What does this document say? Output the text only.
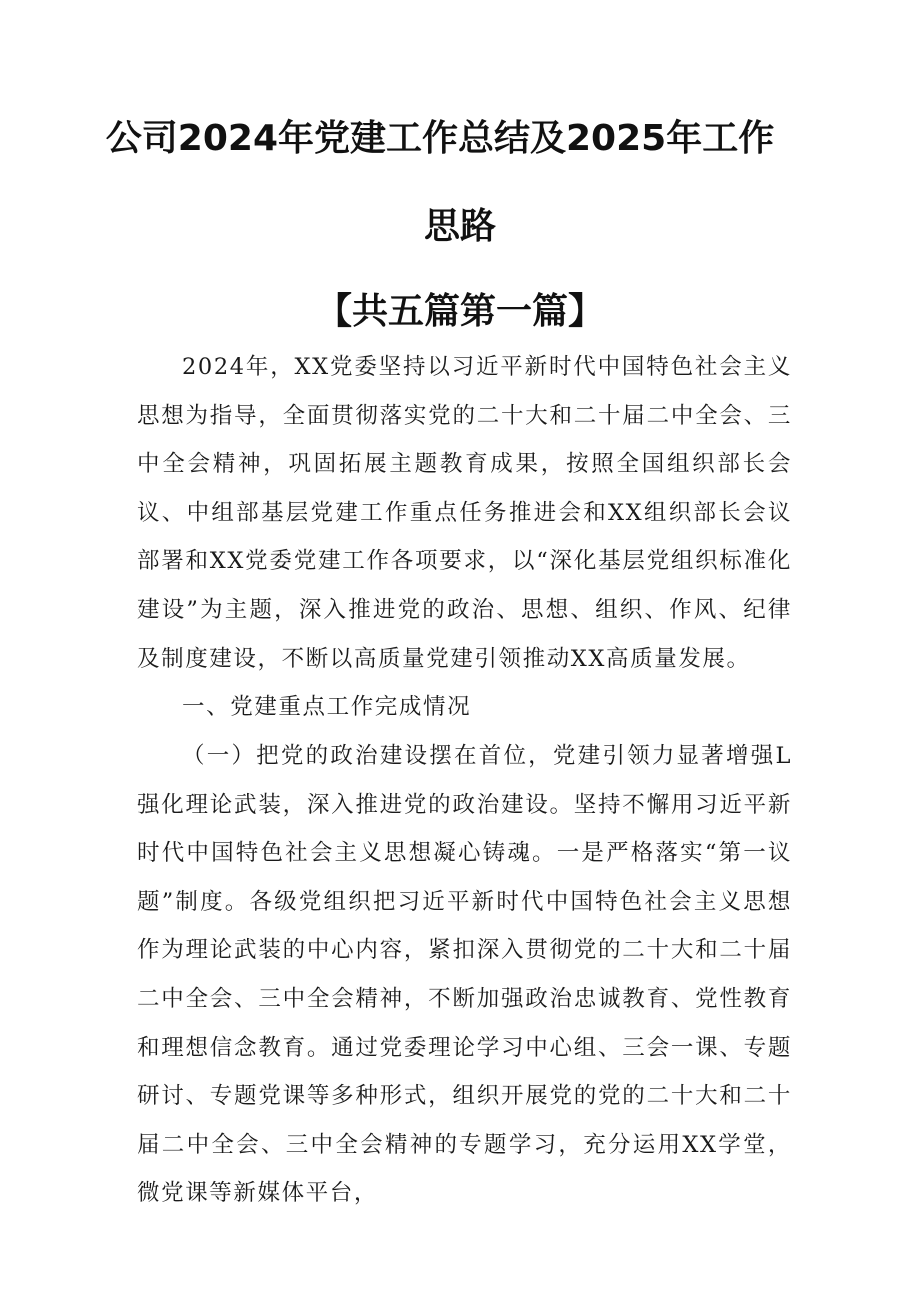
公司2024年党建工作总结及2025年工作
思路
【共五篇第一篇】
2024年，XX党委坚持以习近平新时代中国特色社会主义思想为指导，全面贯彻落实党的二十大和二十届二中全会、三中全会精神，巩固拓展主题教育成果，按照全国组织部长会议、中组部基层党建工作重点任务推进会和XX组织部长会议部署和XX党委党建工作各项要求，以“深化基层党组织标准化建设”为主题，深入推进党的政治、思想、组织、作风、纪律及制度建设，不断以高质量党建引领推动XX高质量发展。
一、党建重点工作完成情况
（一）把党的政治建设摆在首位，党建引领力显著增强L强化理论武装，深入推进党的政治建设。坚持不懈用习近平新时代中国特色社会主义思想凝心铸魂。一是严格落实“第一议题”制度。各级党组织把习近平新时代中国特色社会主义思想作为理论武装的中心内容，紧扣深入贯彻党的二十大和二十届二中全会、三中全会精神，不断加强政治忠诚教育、党性教育和理想信念教育。通过党委理论学习中心组、三会一课、专题研讨、专题党课等多种形式，组织开展党的党的二十大和二十届二中全会、三中全会精神的专题学习，充分运用XX学堂，微党课等新媒体平台，
